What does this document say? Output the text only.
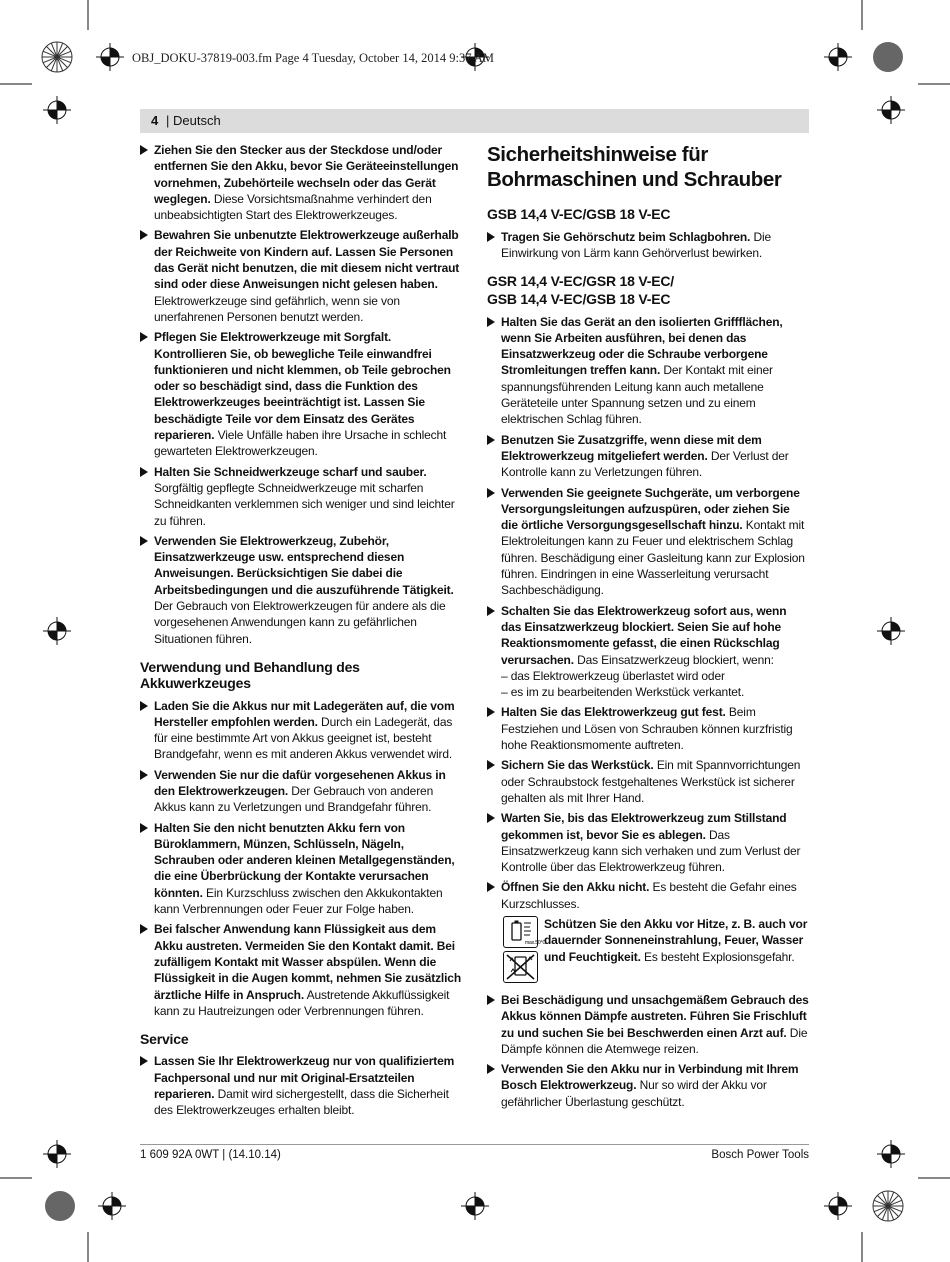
OBJ_DOKU-37819-003.fm Page 4 Tuesday, October 14, 2014 9:37 AM
4 | Deutsch
Ziehen Sie den Stecker aus der Steckdose und/oder entfernen Sie den Akku, bevor Sie Geräteeinstellungen vornehmen, Zubehörteile wechseln oder das Gerät weglegen. Diese Vorsichtsmaßnahme verhindert den unbeabsichtigten Start des Elektrowerkzeuges.
Bewahren Sie unbenutzte Elektrowerkzeuge außerhalb der Reichweite von Kindern auf. Lassen Sie Personen das Gerät nicht benutzen, die mit diesem nicht vertraut sind oder diese Anweisungen nicht gelesen haben. Elektrowerkzeuge sind gefährlich, wenn sie von unerfahrenen Personen benutzt werden.
Pflegen Sie Elektrowerkzeuge mit Sorgfalt. Kontrollieren Sie, ob bewegliche Teile einwandfrei funktionieren und nicht klemmen, ob Teile gebrochen oder so beschädigt sind, dass die Funktion des Elektrowerkzeuges beeinträchtigt ist. Lassen Sie beschädigte Teile vor dem Einsatz des Gerätes reparieren. Viele Unfälle haben ihre Ursache in schlecht gewarteten Elektrowerkzeugen.
Halten Sie Schneidwerkzeuge scharf und sauber. Sorgfältig gepflegte Schneidwerkzeuge mit scharfen Schneidkanten verklemmen sich weniger und sind leichter zu führen.
Verwenden Sie Elektrowerkzeug, Zubehör, Einsatzwerkzeuge usw. entsprechend diesen Anweisungen. Berücksichtigen Sie dabei die Arbeitsbedingungen und die auszuführende Tätigkeit. Der Gebrauch von Elektrowerkzeugen für andere als die vorgesehenen Anwendungen kann zu gefährlichen Situationen führen.
Verwendung und Behandlung des Akkuwerkzeuges
Laden Sie die Akkus nur mit Ladegeräten auf, die vom Hersteller empfohlen werden. Durch ein Ladegerät, das für eine bestimmte Art von Akkus geeignet ist, besteht Brandgefahr, wenn es mit anderen Akkus verwendet wird.
Verwenden Sie nur die dafür vorgesehenen Akkus in den Elektrowerkzeugen. Der Gebrauch von anderen Akkus kann zu Verletzungen und Brandgefahr führen.
Halten Sie den nicht benutzten Akku fern von Büroklammern, Münzen, Schlüsseln, Nägeln, Schrauben oder anderen kleinen Metallgegenständen, die eine Überbrückung der Kontakte verursachen könnten. Ein Kurzschluss zwischen den Akkukontakten kann Verbrennungen oder Feuer zur Folge haben.
Bei falscher Anwendung kann Flüssigkeit aus dem Akku austreten. Vermeiden Sie den Kontakt damit. Bei zufälligem Kontakt mit Wasser abspülen. Wenn die Flüssigkeit in die Augen kommt, nehmen Sie zusätzlich ärztliche Hilfe in Anspruch. Austretende Akkuflüssigkeit kann zu Hautreizungen oder Verbrennungen führen.
Service
Lassen Sie Ihr Elektrowerkzeug nur von qualifiziertem Fachpersonal und nur mit Original-Ersatzteilen reparieren. Damit wird sichergestellt, dass die Sicherheit des Elektrowerkzeuges erhalten bleibt.
Sicherheitshinweise für Bohrmaschinen und Schrauber
GSB 14,4 V-EC/GSB 18 V-EC
Tragen Sie Gehörschutz beim Schlagbohren. Die Einwirkung von Lärm kann Gehörverlust bewirken.
GSR 14,4 V-EC/GSR 18 V-EC/
GSB 14,4 V-EC/GSB 18 V-EC
Halten Sie das Gerät an den isolierten Griffflächen, wenn Sie Arbeiten ausführen, bei denen das Einsatzwerkzeug oder die Schraube verborgene Stromleitungen treffen kann. Der Kontakt mit einer spannungsführenden Leitung kann auch metallene Geräteteile unter Spannung setzen und zu einem elektrischen Schlag führen.
Benutzen Sie Zusatzgriffe, wenn diese mit dem Elektrowerkzeug mitgeliefert werden. Der Verlust der Kontrolle kann zu Verletzungen führen.
Verwenden Sie geeignete Suchgeräte, um verborgene Versorgungsleitungen aufzuspüren, oder ziehen Sie die örtliche Versorgungsgesellschaft hinzu. Kontakt mit Elektroleitungen kann zu Feuer und elektrischem Schlag führen. Beschädigung einer Gasleitung kann zur Explosion führen. Eindringen in eine Wasserleitung verursacht Sachbeschädigung.
Schalten Sie das Elektrowerkzeug sofort aus, wenn das Einsatzwerkzeug blockiert. Seien Sie auf hohe Reaktionsmomente gefasst, die einen Rückschlag verursachen. Das Einsatzwerkzeug blockiert, wenn:
– das Elektrowerkzeug überlastet wird oder
– es im zu bearbeitenden Werkstück verkantet.
Halten Sie das Elektrowerkzeug gut fest. Beim Festziehen und Lösen von Schrauben können kurzfristig hohe Reaktionsmomente auftreten.
Sichern Sie das Werkstück. Ein mit Spannvorrichtungen oder Schraubstock festgehaltenes Werkstück ist sicherer gehalten als mit Ihrer Hand.
Warten Sie, bis das Elektrowerkzeug zum Stillstand gekommen ist, bevor Sie es ablegen. Das Einsatzwerkzeug kann sich verhaken und zum Verlust der Kontrolle über das Elektrowerkzeug führen.
Öffnen Sie den Akku nicht. Es besteht die Gefahr eines Kurzschlusses.
max.50°C
Schützen Sie den Akku vor Hitze, z. B. auch vor dauernder Sonneneinstrahlung, Feuer, Wasser und Feuchtigkeit. Es besteht Explosionsgefahr.
Bei Beschädigung und unsachgemäßem Gebrauch des Akkus können Dämpfe austreten. Führen Sie Frischluft zu und suchen Sie bei Beschwerden einen Arzt auf. Die Dämpfe können die Atemwege reizen.
Verwenden Sie den Akku nur in Verbindung mit Ihrem Bosch Elektrowerkzeug. Nur so wird der Akku vor gefährlicher Überlastung geschützt.
1 609 92A 0WT | (14.10.14)	Bosch Power Tools
